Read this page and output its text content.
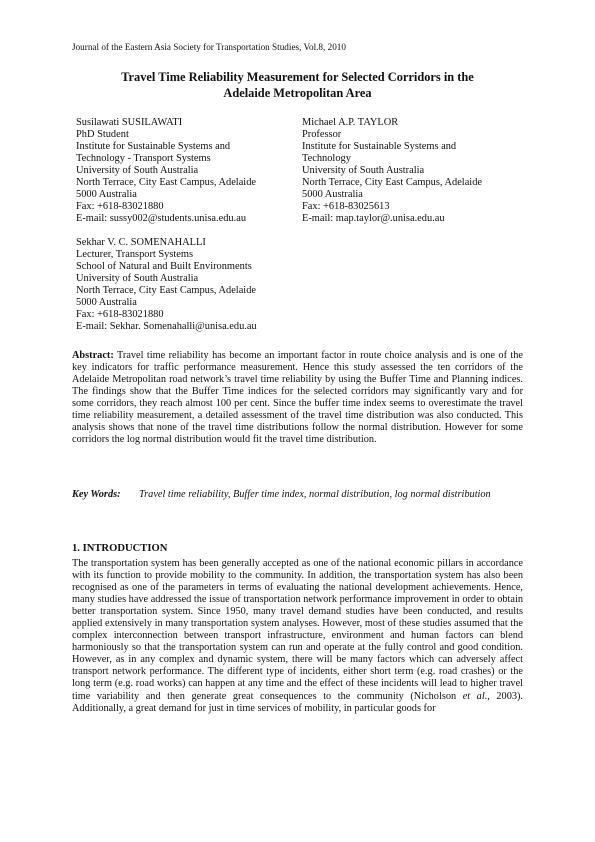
Journal of the Eastern Asia Society for Transportation Studies, Vol.8, 2010
Travel Time Reliability Measurement for Selected Corridors in the
Adelaide Metropolitan Area
Susilawati SUSILAWATI
PhD Student
Institute for Sustainable Systems and
Technology - Transport Systems
University of South Australia
North Terrace, City East Campus, Adelaide
5000 Australia
Fax: +618-83021880
E-mail: sussy002@students.unisa.edu.au
Michael A.P. TAYLOR
Professor
Institute for Sustainable Systems and
Technology
University of South Australia
North Terrace, City East Campus, Adelaide
5000 Australia
Fax: +618-83025613
E-mail: map.taylor@.unisa.edu.au
Sekhar V. C. SOMENAHALLI
Lecturer, Transport Systems
School of Natural and Built Environments
University of South Australia
North Terrace, City East Campus, Adelaide
5000 Australia
Fax: +618-83021880
E-mail: Sekhar. Somenahalli@unisa.edu.au
Abstract: Travel time reliability has become an important factor in route choice analysis and is one of the key indicators for traffic performance measurement. Hence this study assessed the ten corridors of the Adelaide Metropolitan road network’s travel time reliability by using the Buffer Time and Planning indices. The findings show that the Buffer Time indices for the selected corridors may significantly vary and for some corridors, they reach almost 100 per cent. Since the buffer time index seems to overestimate the travel time reliability measurement, a detailed assessment of the travel time distribution was also conducted. This analysis shows that none of the travel time distributions follow the normal distribution. However for some corridors the log normal distribution would fit the travel time distribution.
Key Words: Travel time reliability, Buffer time index, normal distribution, log normal distribution
1. INTRODUCTION
The transportation system has been generally accepted as one of the national economic pillars in accordance with its function to provide mobility to the community. In addition, the transportation system has also been recognised as one of the parameters in terms of evaluating the national development achievements. Hence, many studies have addressed the issue of transportation network performance improvement in order to obtain better transportation system. Since 1950, many travel demand studies have been conducted, and results applied extensively in many transportation system analyses. However, most of these studies assumed that the complex interconnection between transport infrastructure, environment and human factors can blend harmoniously so that the transportation system can run and operate at the fully control and good condition. However, as in any complex and dynamic system, there will be many factors which can adversely affect transport network performance. The different type of incidents, either short term (e.g. road crashes) or the long term (e.g. road works) can happen at any time and the effect of these incidents will lead to higher travel time variability and then generate great consequences to the community (Nicholson et al., 2003). Additionally, a great demand for just in time services of mobility, in particular goods for
